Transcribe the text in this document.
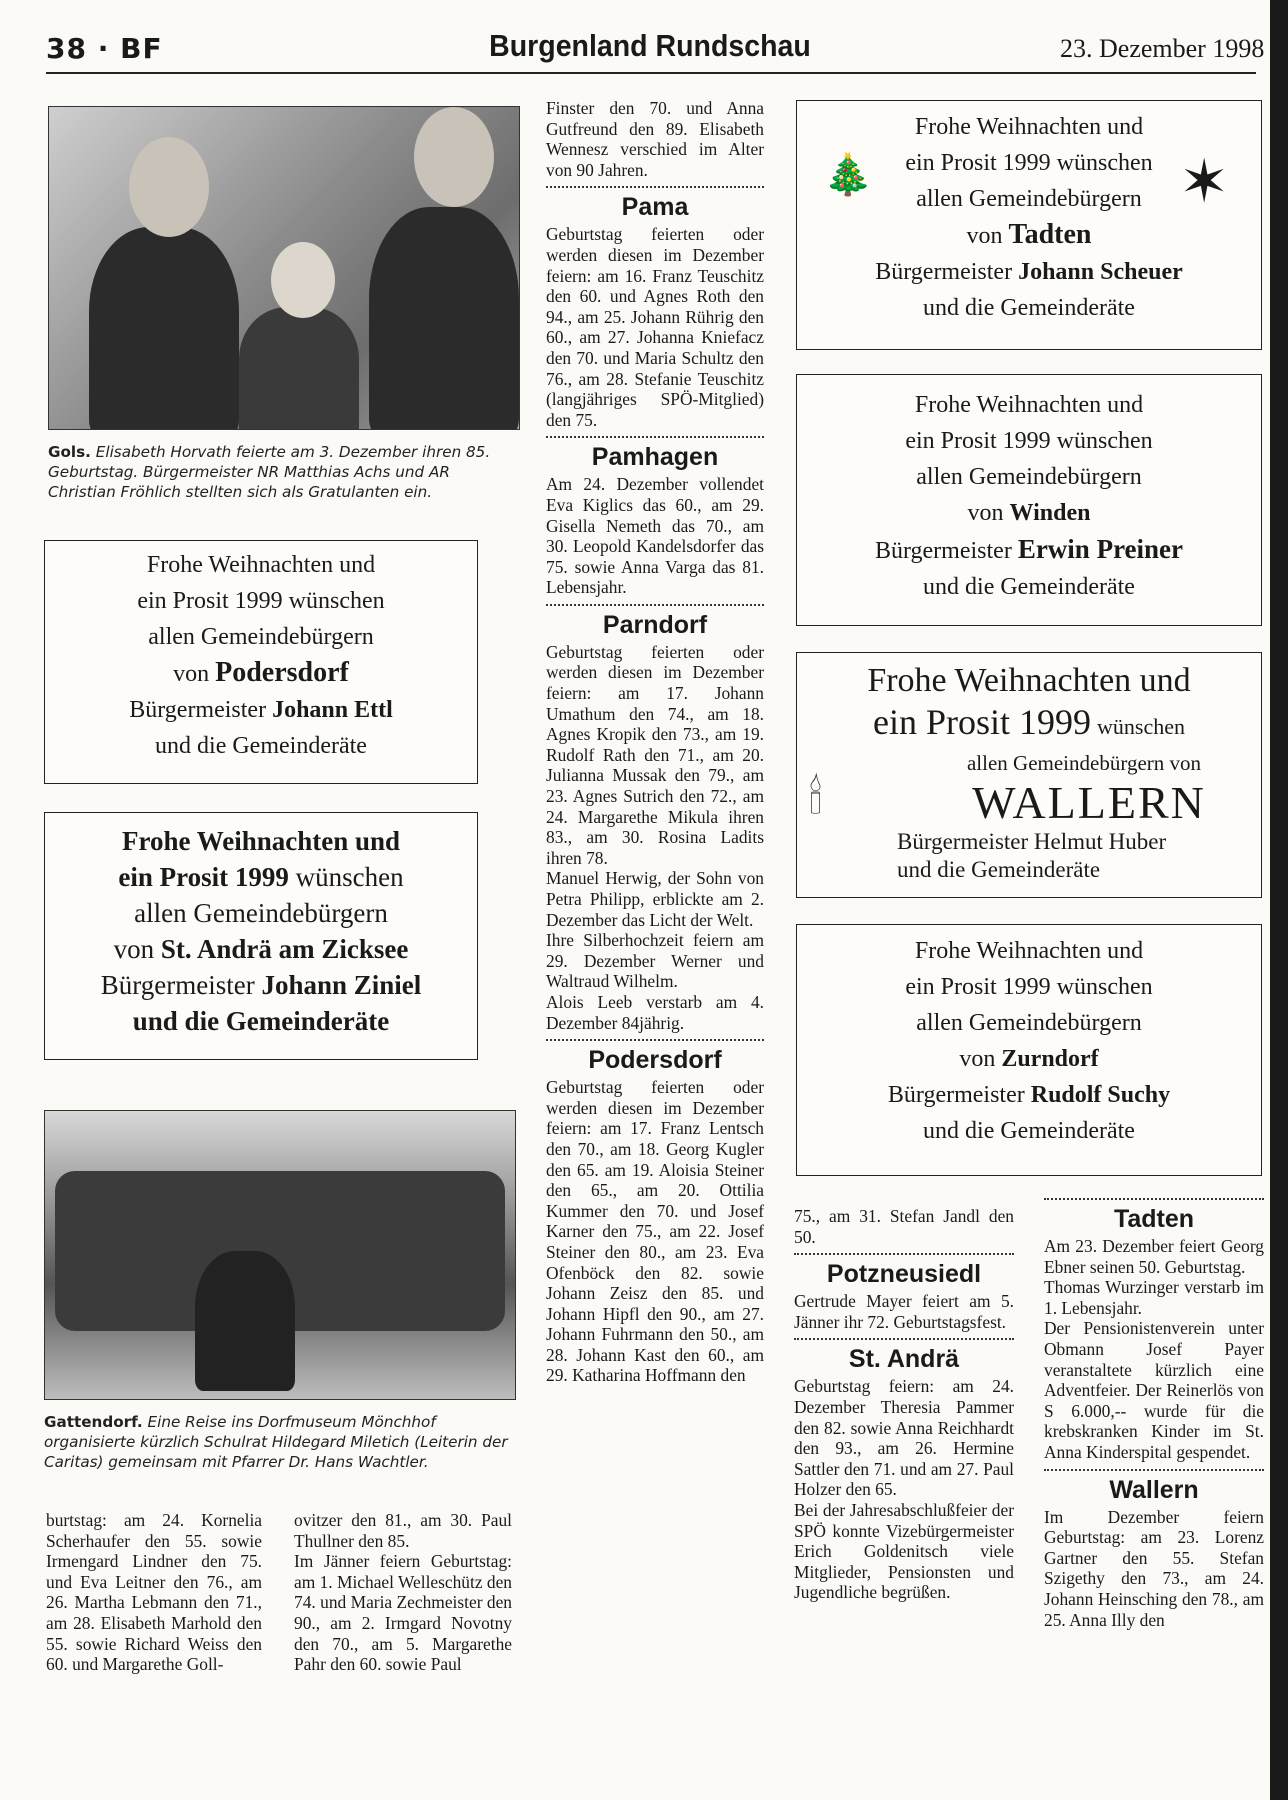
38 · BF	Burgenland Rundschau	23. Dezember 1998
Gols. Elisabeth Horvath feierte am 3. Dezember ihren 85. Geburtstag. Bürgermeister NR Matthias Achs und AR Christian Fröhlich stellten sich als Gratulanten ein.
Frohe Weihnachten und
ein Prosit 1999 wünschen
allen Gemeindebürgern
von Podersdorf
Bürgermeister Johann Ettl
und die Gemeinderäte
Frohe Weihnachten und
ein Prosit 1999 wünschen
allen Gemeindebürgern
von St. Andrä am Zicksee
Bürgermeister Johann Ziniel
und die Gemeinderäte
Gattendorf. Eine Reise ins Dorfmuseum Mönchhof organisierte kürzlich Schulrat Hildegard Miletich (Leiterin der Caritas) gemeinsam mit Pfarrer Dr. Hans Wachtler.

Finster den 70. und Anna Gutfreund den 89. Elisabeth Wennesz verschied im Alter von 90 Jahren.

Pama

Geburtstag feierten oder werden diesen im Dezember feiern: am 16. Franz Teuschitz den 60. und Agnes Roth den 94., am 25. Johann Rührig den 60., am 27. Johanna Kniefacz den 70. und Maria Schultz den 76., am 28. Stefanie Teuschitz (langjähriges SPÖ-Mitglied) den 75.

Pamhagen

Am 24. Dezember vollendet Eva Kiglics das 60., am 29. Gisella Nemeth das 70., am 30. Leopold Kandelsdorfer das 75. sowie Anna Varga das 81. Lebensjahr.

Parndorf

Geburtstag feierten oder werden diesen im Dezember feiern: am 17. Johann Umathum den 74., am 18. Agnes Kropik den 73., am 19. Rudolf Rath den 71., am 20. Julianna Mussak den 79., am 23. Agnes Sutrich den 72., am 24. Margarethe Mikula ihren 83., am 30. Rosina Ladits ihren 78.

Manuel Herwig, der Sohn von Petra Philipp, erblickte am 2. Dezember das Licht der Welt.

Ihre Silberhochzeit feiern am 29. Dezember Werner und Waltraud Wilhelm.

Alois Leeb verstarb am 4. Dezember 84jährig.

Podersdorf

Geburtstag feierten oder werden diesen im Dezember feiern: am 17. Franz Lentsch den 70., am 18. Georg Kugler den 65. am 19. Aloisia Steiner den 65., am 20. Ottilia Kummer den 70. und Josef Karner den 75., am 22. Josef Steiner den 80., am 23. Eva Ofenböck den 82. sowie Johann Zeisz den 85. und Johann Hipfl den 90., am 27. Johann Fuhrmann den 50., am 28. Johann Kast den 60., am 29. Katharina Hoffmann den

🎄	✶
Frohe Weihnachten und
ein Prosit 1999 wünschen
allen Gemeindebürgern
von Tadten
Bürgermeister Johann Scheuer
und die Gemeinderäte
Frohe Weihnachten und
ein Prosit 1999 wünschen
allen Gemeindebürgern
von Winden
Bürgermeister Erwin Preiner
und die Gemeinderäte
Frohe Weihnachten und
ein Prosit 1999 wünschen
allen Gemeindebürgern von
🕯	WALLERN
Bürgermeister Helmut Huber
und die Gemeinderäte
Frohe Weihnachten und
ein Prosit 1999 wünschen
allen Gemeindebürgern
von Zurndorf
Bürgermeister Rudolf Suchy
und die Gemeinderäte

burtstag: am 24. Kornelia Scherhaufer den 55. sowie Irmengard Lindner den 75. und Eva Leitner den 76., am 26. Martha Lebmann den 71., am 28. Elisabeth Marhold den 55. sowie Richard Weiss den 60. und Margarethe Goll-

ovitzer den 81., am 30. Paul Thullner den 85.

Im Jänner feiern Geburtstag: am 1. Michael Welleschütz den 74. und Maria Zechmeister den 90., am 2. Irmgard Novotny den 70., am 5. Margarethe Pahr den 60. sowie Paul

75., am 31. Stefan Jandl den 50.

Potzneusiedl

Gertrude Mayer feiert am 5. Jänner ihr 72. Geburtstagsfest.

St. Andrä

Geburtstag feiern: am 24. Dezember Theresia Pammer den 82. sowie Anna Reichhardt den 93., am 26. Hermine Sattler den 71. und am 27. Paul Holzer den 65.

Bei der Jahresabschlußfeier der SPÖ konnte Vizebürgermeister Erich Goldenitsch viele Mitglieder, Pensionsten und Jugendliche begrüßen.

Tadten

Am 23. Dezember feiert Georg Ebner seinen 50. Geburtstag.

Thomas Wurzinger verstarb im 1. Lebensjahr.

Der Pensionistenverein unter Obmann Josef Payer veranstaltete kürzlich eine Adventfeier. Der Reinerlös von S 6.000,-- wurde für die krebskranken Kinder im St. Anna Kinderspital gespendet.

Wallern

Im Dezember feiern Geburtstag: am 23. Lorenz Gartner den 55. Stefan Szigethy den 73., am 24. Johann Heinsching den 78., am 25. Anna Illy den
